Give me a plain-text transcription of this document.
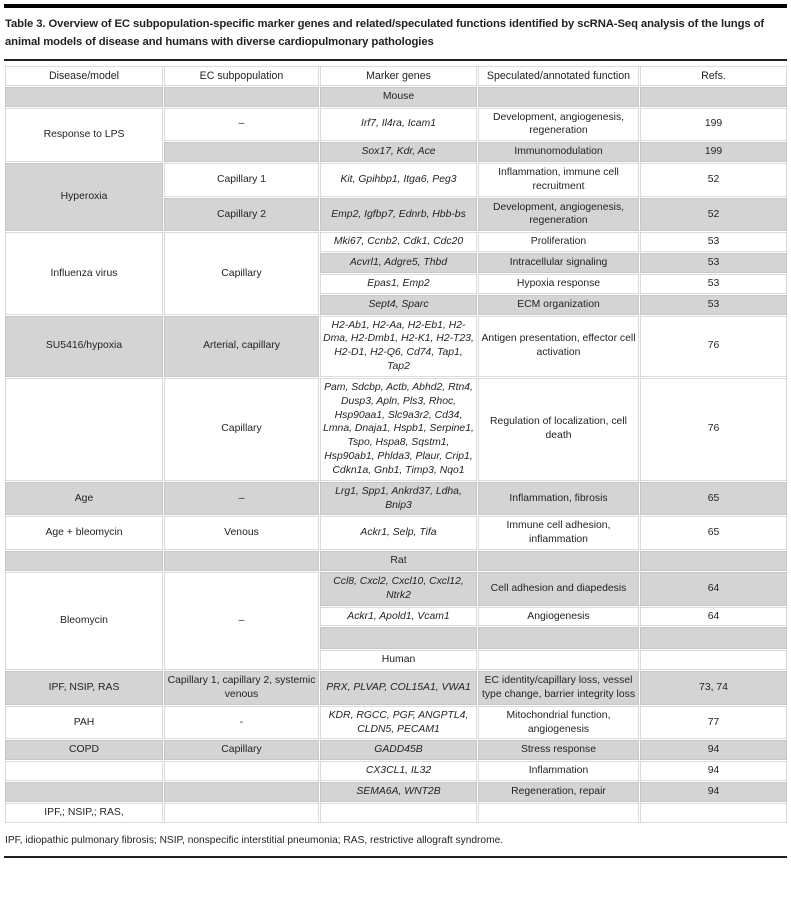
Table 3. Overview of EC subpopulation-specific marker genes and related/speculated functions identified by scRNA-Seq analysis of the lungs of animal models of disease and humans with diverse cardiopulmonary pathologies
Disease/model	EC subpopulation	Marker genes	Speculated/annotated function	Refs.
		Mouse		
Response to LPS	–	Irf7, Il4ra, Icam1	Development, angiogenesis, regeneration	199
		Sox17, Kdr, Ace	Immunomodulation	199
Hyperoxia	Capillary 1	Kit, Gpihbp1, Itga6, Peg3	Inflammation, immune cell recruitment	52
	Capillary 2	Emp2, Igfbp7, Ednrb, Hbb-bs	Development, angiogenesis, regeneration	52
Influenza virus	Capillary	Mki67, Ccnb2, Cdk1, Cdc20	Proliferation	53
		Acvrl1, Adgre5, Thbd	Intracellular signaling	53
		Epas1, Emp2	Hypoxia response	53
		Sept4, Sparc	ECM organization	53
SU5416/hypoxia	Arterial, capillary	H2-Ab1, H2-Aa, H2-Eb1, H2-Dma, H2-Dmb1, H2-K1, H2-T23, H2-D1, H2-Q6, Cd74, Tap1, Tap2	Antigen presentation, effector cell activation	76
	Capillary	Pam, Sdcbp, Actb, Abhd2, Rtn4, Dusp3, Apln, Pls3, Rhoc, Hsp90aa1, Slc9a3r2, Cd34, Lmna, Dnaja1, Hspb1, Serpine1, Tspo, Hspa8, Sqstm1, Hsp90ab1, Phlda3, Plaur, Crip1, Cdkn1a, Gnb1, Timp3, Nqo1	Regulation of localization, cell death	76
Age	–	Lrg1, Spp1, Ankrd37, Ldha, Bnip3	Inflammation, fibrosis	65
Age + bleomycin	Venous	Ackr1, Selp, Tifa	Immune cell adhesion, inflammation	65
		Rat		
Bleomycin	–	Ccl8, Cxcl2, Cxcl10, Cxcl12, Ntrk2	Cell adhesion and diapedesis	64
		Ackr1, Apold1, Vcam1	Angiogenesis	64

		Human		
IPF, NSIP, RAS	Capillary 1, capillary 2, systemic venous	PRX, PLVAP, COL15A1, VWA1	EC identity/capillary loss, vessel type change, barrier integrity loss	73, 74
PAH	-	KDR, RGCC, PGF, ANGPTL4, CLDN5, PECAM1	Mitochondrial function, angiogenesis	77
COPD	Capillary	GADD45B	Stress response	94
		CX3CL1, IL32	Inflammation	94
		SEMA6A, WNT2B	Regeneration, repair	94
IPF,; NSIP,; RAS,				
IPF, idiopathic pulmonary fibrosis; NSIP, nonspecific interstitial pneumonia; RAS, restrictive allograft syndrome.
